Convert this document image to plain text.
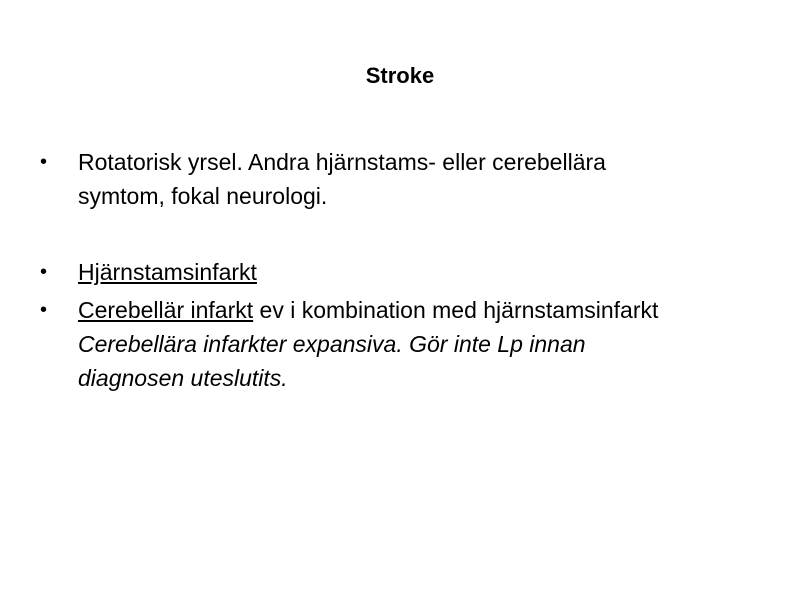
Stroke
• Rotatorisk yrsel. Andra hjärnstams- eller cerebellära
symtom, fokal neurologi.
• Hjärnstamsinfarkt
• Cerebellär infarkt ev i kombination med hjärnstamsinfarkt
Cerebellära infarkter expansiva. Gör inte Lp innan
diagnosen uteslutits.
